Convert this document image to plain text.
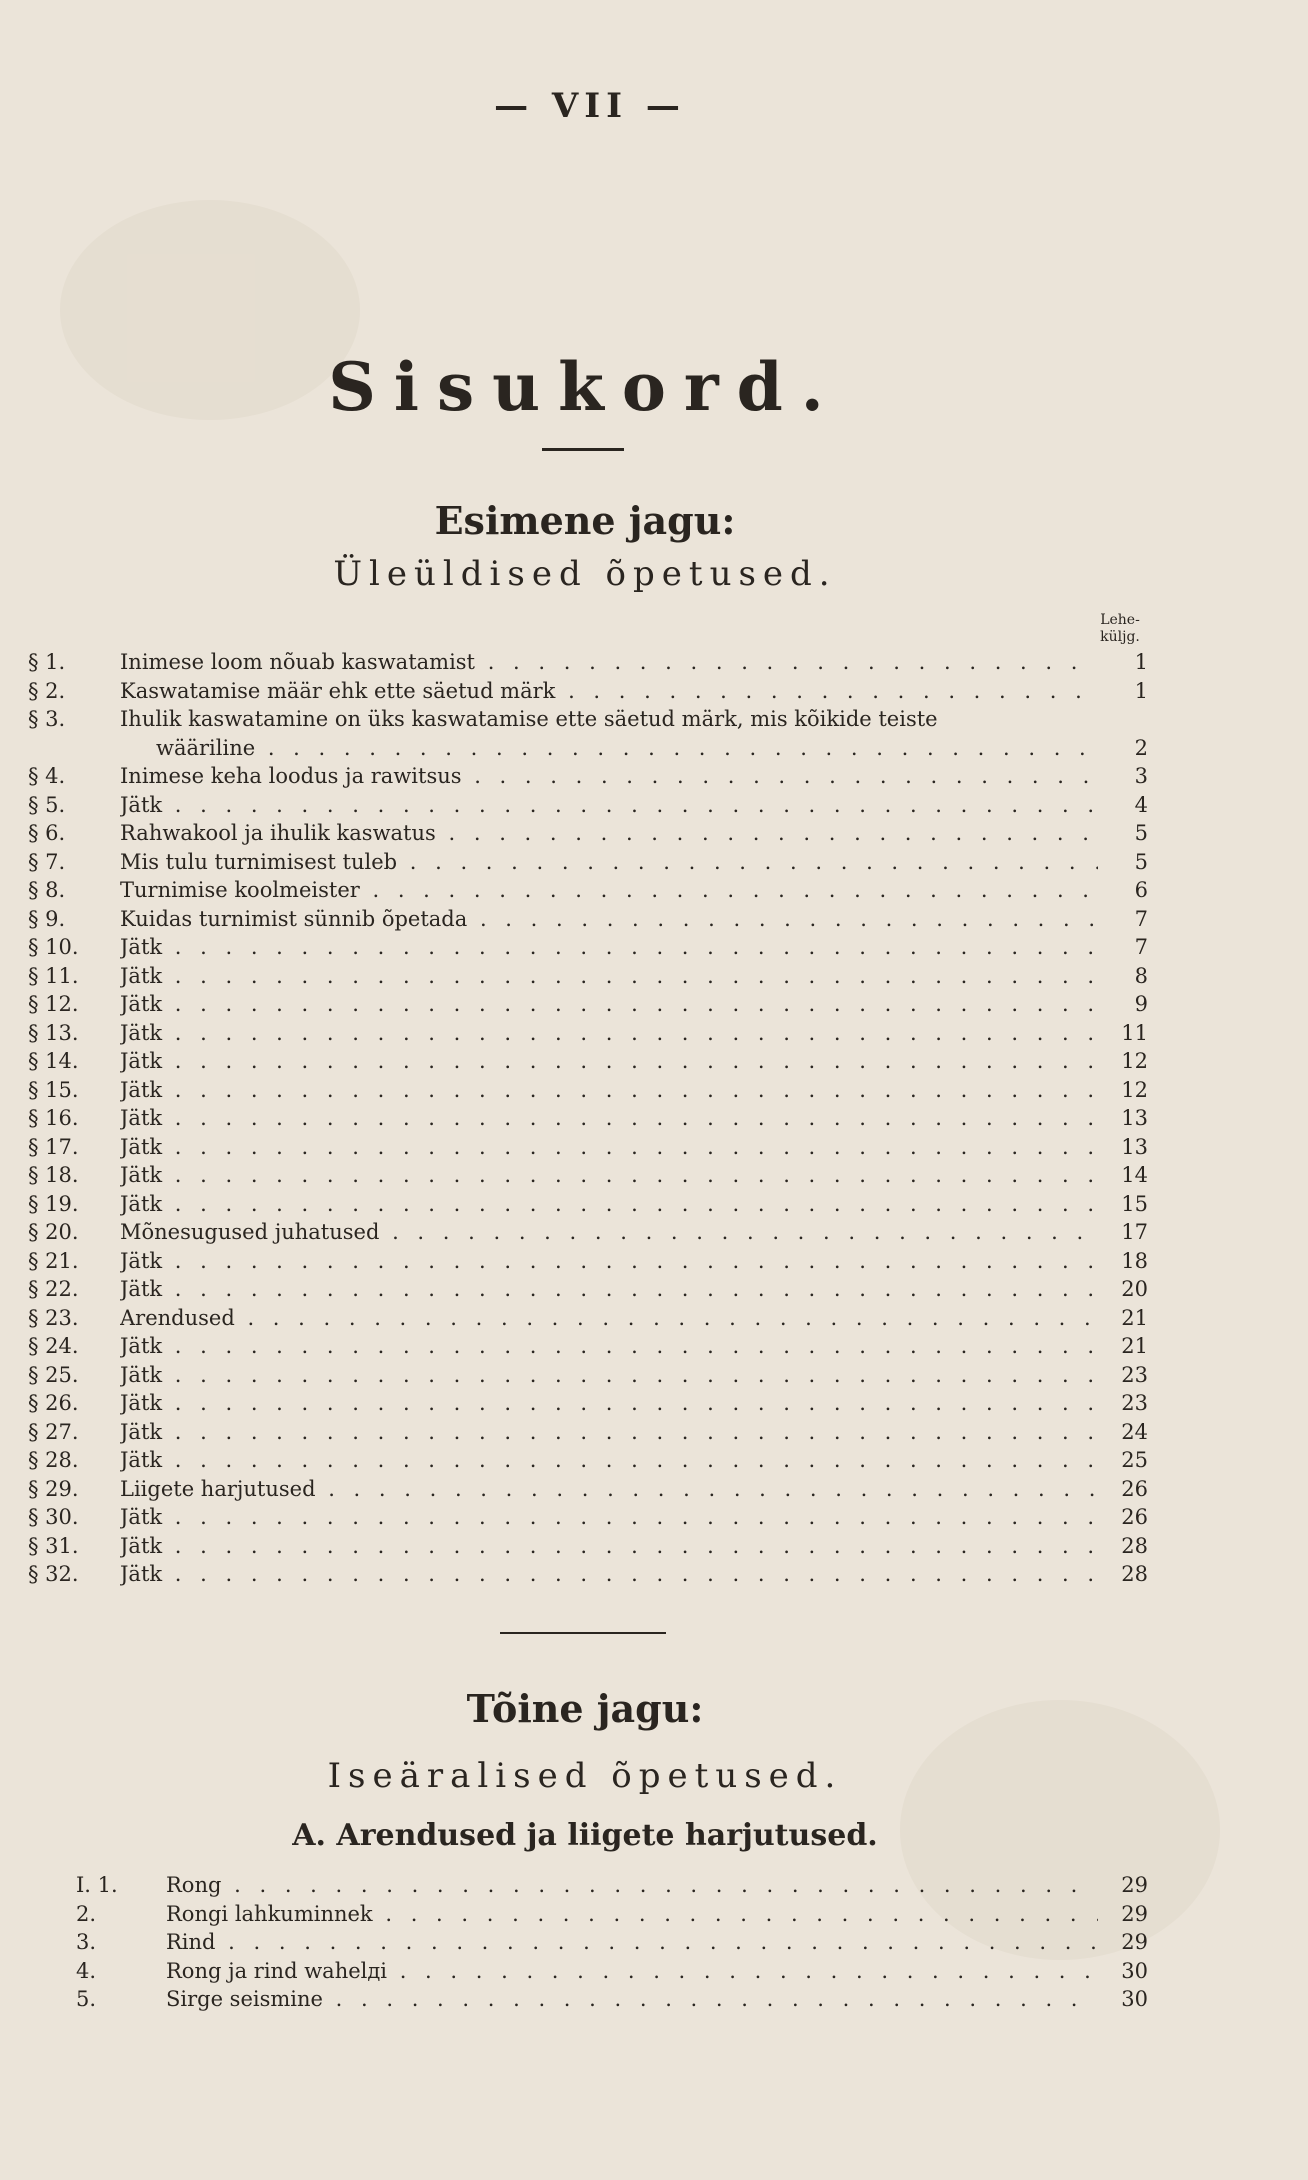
— VII —
Sisukord.
Esimene jagu:
Üleüldised õpetused.
Lehe-küljg.
§ 1.	Inimese loom nõuab kaswatamist . . .	1
§ 2.	Kaswatamise määr ehk ette säetud märk . . .	1
§ 3.	Ihulik kaswatamine on üks kaswatamise ette säetud märk, mis kõikide teiste
wääriline . . .	2
§ 4.	Inimese keha loodus ja rawitsus . . .	3
§ 5.	Jätk . . .	4
§ 6.	Rahwakool ja ihulik kaswatus . . .	5
§ 7.	Mis tulu turnimisest tuleb . . .	5
§ 8.	Turnimise koolmeister . . .	6
§ 9.	Kuidas turnimist sünnib õpetada . . .	7
§ 10.	Jätk . . .	7
§ 11.	Jätk . . .	8
§ 12.	Jätk . . .	9
§ 13.	Jätk . . .	11
§ 14.	Jätk . . .	12
§ 15.	Jätk . . .	12
§ 16.	Jätk . . .	13
§ 17.	Jätk . . .	13
§ 18.	Jätk . . .	14
§ 19.	Jätk . . .	15
§ 20.	Mõnesugused juhatused . . .	17
§ 21.	Jätk . . .	18
§ 22.	Jätk . . .	20
§ 23.	Arendused . . .	21
§ 24.	Jätk . . .	21
§ 25.	Jätk . . .	23
§ 26.	Jätk . . .	23
§ 27.	Jätk . . .	24
§ 28.	Jätk . . .	25
§ 29.	Liigete harjutused . . .	26
§ 30.	Jätk . . .	26
§ 31.	Jätk . . .	28
§ 32.	Jätk . . .	28
Tõine jagu:
Iseäralised õpetused.
A. Arendused ja liigete harjutused.
I. 1.	Rong . . .	29
2.	Rongi lahkuminnek . . .	29
3.	Rind . . .	29
4.	Rong ja rind wahelді . . .	30
5.	Sirge seismine . . .	30
